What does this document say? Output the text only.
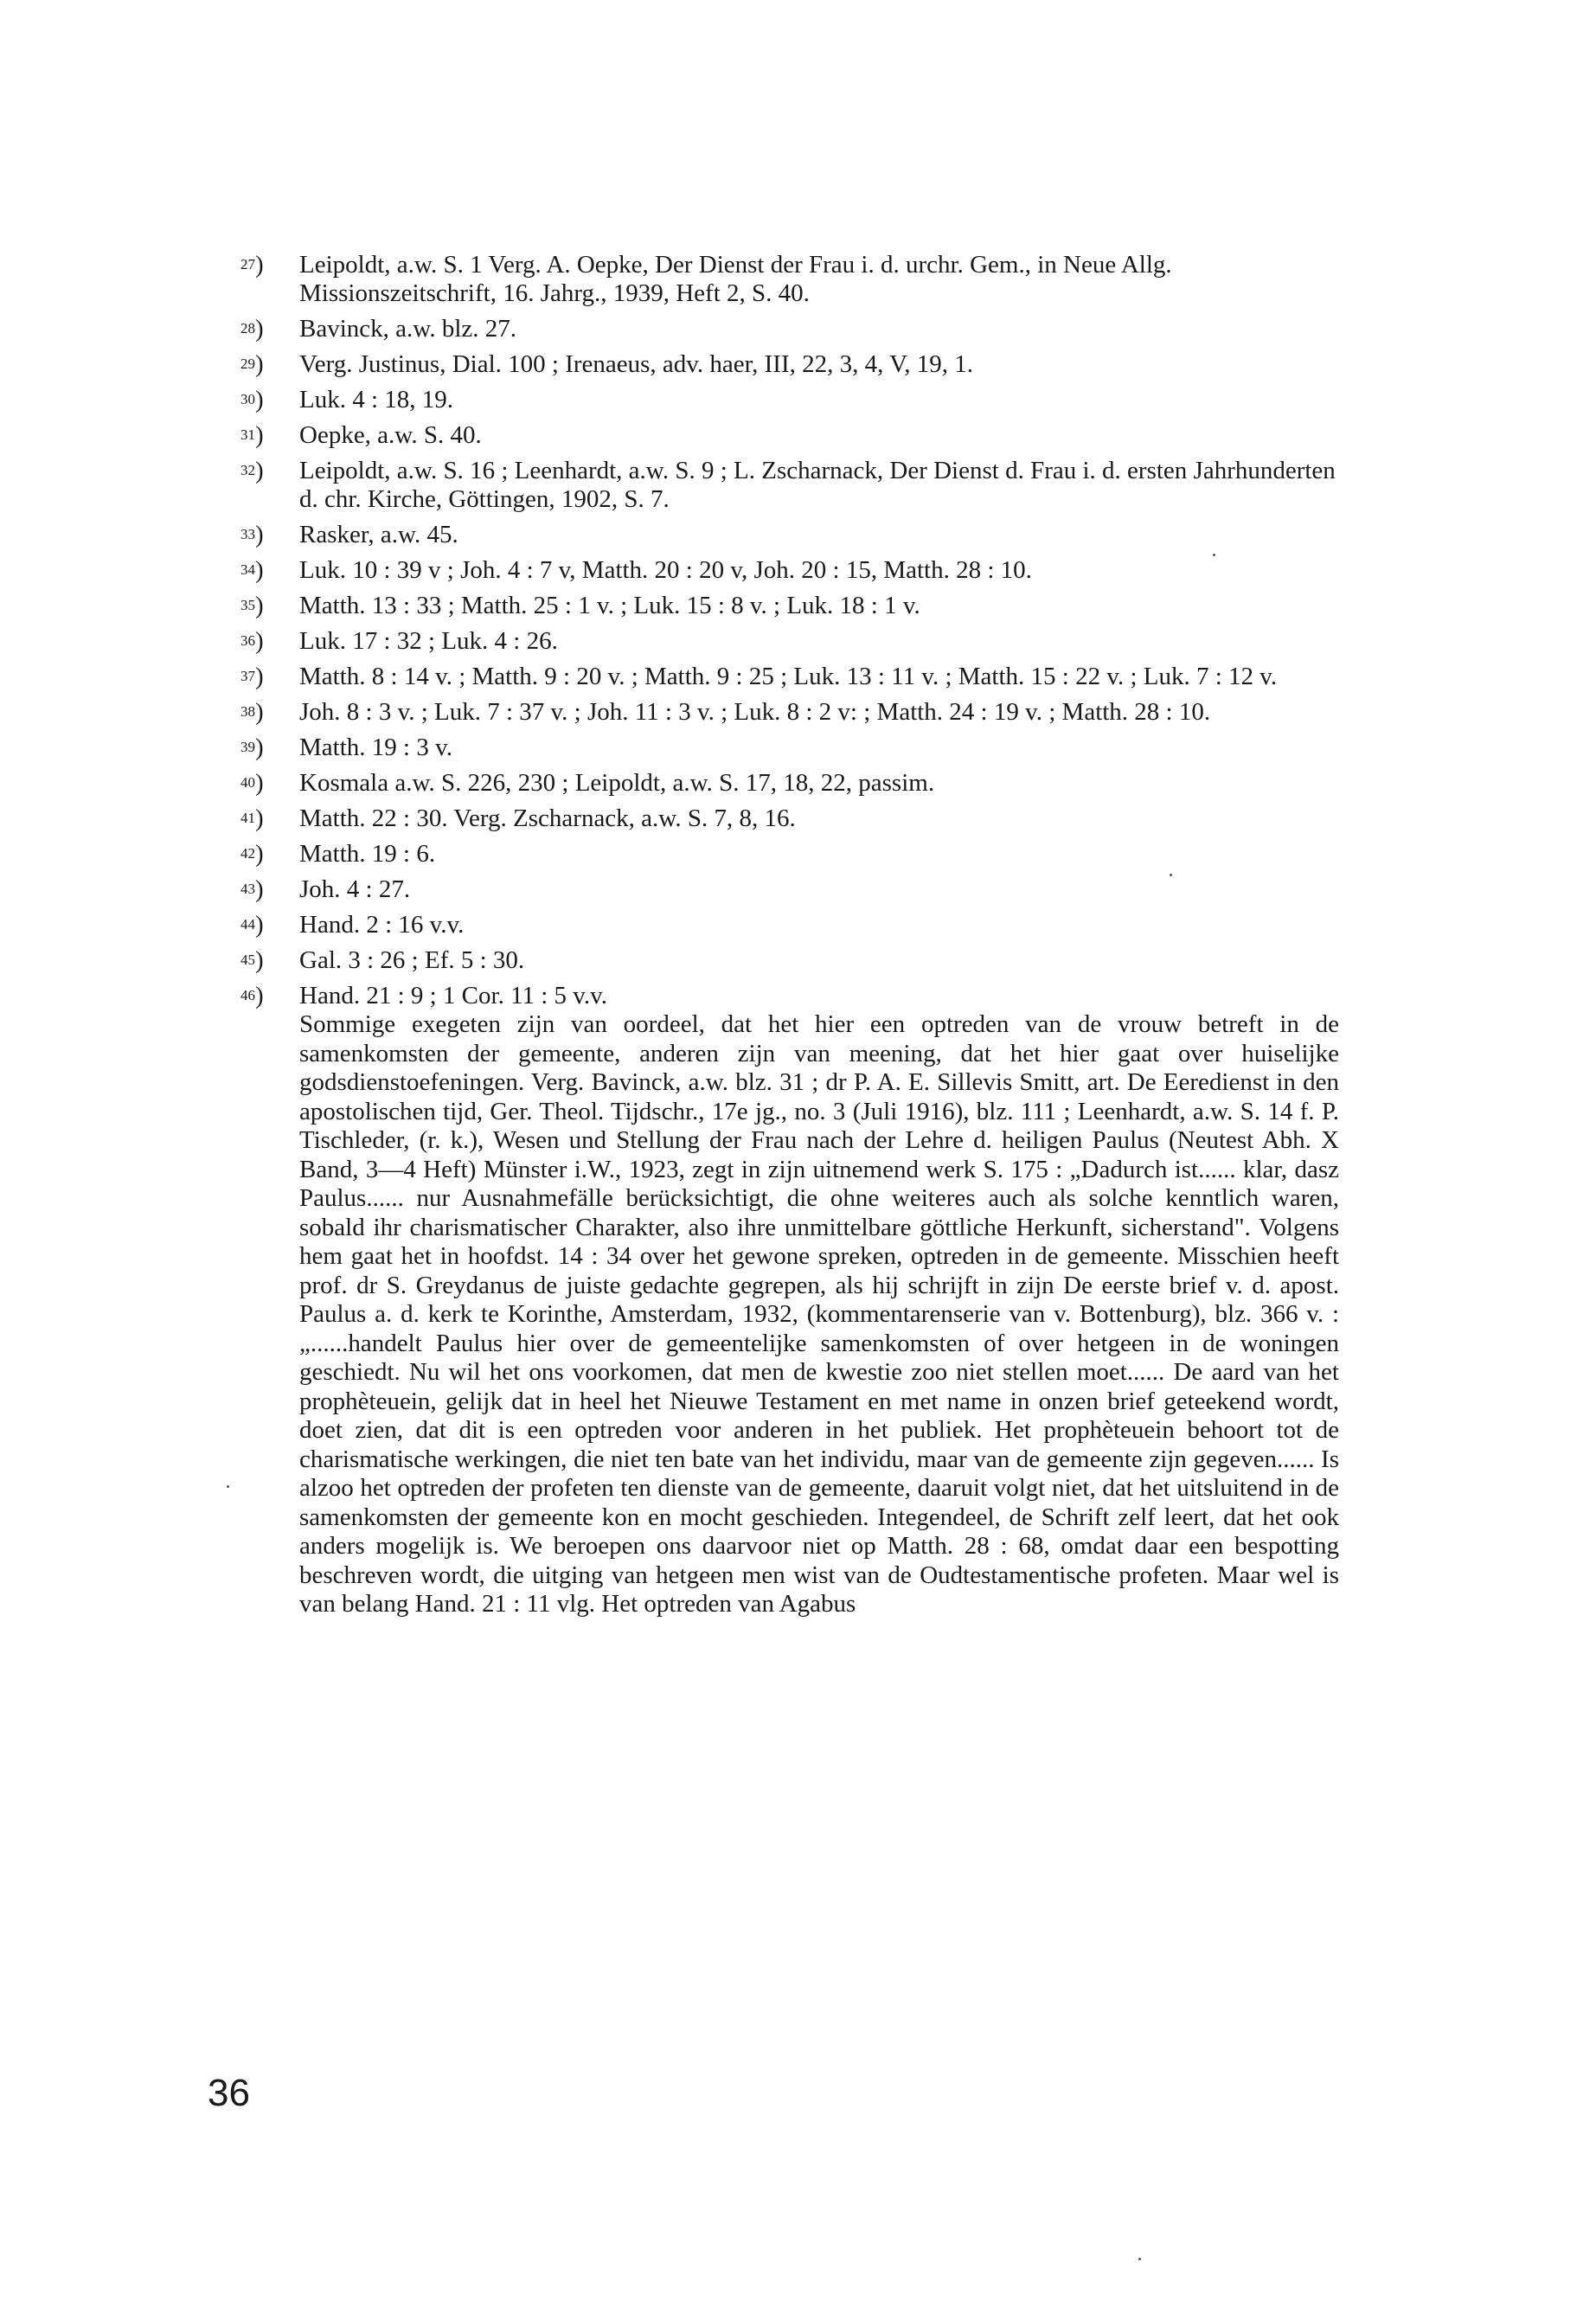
27)	Leipoldt, a.w. S. 1 Verg. A. Oepke, Der Dienst der Frau i. d. urchr. Gem., in Neue Allg. Missionszeitschrift, 16. Jahrg., 1939, Heft 2, S. 40.
28)	Bavinck, a.w. blz. 27.
29)	Verg. Justinus, Dial. 100 ; Irenaeus, adv. haer, III, 22, 3, 4, V, 19, 1.
30)	Luk. 4 : 18, 19.
31)	Oepke, a.w. S. 40.
32)	Leipoldt, a.w. S. 16 ; Leenhardt, a.w. S. 9 ; L. Zscharnack, Der Dienst d. Frau i. d. ersten Jahrhunderten d. chr. Kirche, Göttingen, 1902, S. 7.
33)	Rasker, a.w. 45.
34)	Luk. 10 : 39 v ; Joh. 4 : 7 v, Matth. 20 : 20 v, Joh. 20 : 15, Matth. 28 : 10.
35)	Matth. 13 : 33 ; Matth. 25 : 1 v. ; Luk. 15 : 8 v. ; Luk. 18 : 1 v.
36)	Luk. 17 : 32 ; Luk. 4 : 26.
37)	Matth. 8 : 14 v. ; Matth. 9 : 20 v. ; Matth. 9 : 25 ; Luk. 13 : 11 v. ; Matth. 15 : 22 v. ; Luk. 7 : 12 v.
38)	Joh. 8 : 3 v. ; Luk. 7 : 37 v. ; Joh. 11 : 3 v. ; Luk. 8 : 2 v: ; Matth. 24 : 19 v. ; Matth. 28 : 10.
39)	Matth. 19 : 3 v.
40)	Kosmala a.w. S. 226, 230 ; Leipoldt, a.w. S. 17, 18, 22, passim.
41)	Matth. 22 : 30. Verg. Zscharnack, a.w. S. 7, 8, 16.
42)	Matth. 19 : 6.
43)	Joh. 4 : 27.
44)	Hand. 2 : 16 v.v.
45)	Gal. 3 : 26 ; Ef. 5 : 30.
46)	Hand. 21 : 9 ; 1 Cor. 11 : 5 v.v.
Sommige exegeten zijn van oordeel, dat het hier een optreden van de vrouw betreft in de samenkomsten der gemeente, anderen zijn van meening, dat het hier gaat over huiselijke godsdienstoefeningen. Verg. Bavinck, a.w. blz. 31 ; dr P. A. E. Sillevis Smitt, art. De Eeredienst in den apostolischen tijd, Ger. Theol. Tijdschr., 17e jg., no. 3 (Juli 1916), blz. 111 ; Leenhardt, a.w. S. 14 f. P. Tischleder, (r. k.), Wesen und Stellung der Frau nach der Lehre d. heiligen Paulus (Neutest Abh. X Band, 3—4 Heft) Münster i.W., 1923, zegt in zijn uitnemend werk S. 175 : „Dadurch ist...... klar, dasz Paulus...... nur Ausnahmefälle berücksichtigt, die ohne weiteres auch als solche kenntlich waren, sobald ihr charismatischer Charakter, also ihre unmittelbare göttliche Herkunft, sicherstand". Volgens hem gaat het in hoofdst. 14 : 34 over het gewone spreken, optreden in de gemeente. Misschien heeft prof. dr S. Greydanus de juiste gedachte gegrepen, als hij schrijft in zijn De eerste brief v. d. apost. Paulus a. d. kerk te Korinthe, Amsterdam, 1932, (kommentarenserie van v. Bottenburg), blz. 366 v. : „......handelt Paulus hier over de gemeentelijke samenkomsten of over hetgeen in de woningen geschiedt. Nu wil het ons voorkomen, dat men de kwestie zoo niet stellen moet...... De aard van het prophèteuein, gelijk dat in heel het Nieuwe Testament en met name in onzen brief geteekend wordt, doet zien, dat dit is een optreden voor anderen in het publiek. Het prophèteuein behoort tot de charismatische werkingen, die niet ten bate van het individu, maar van de gemeente zijn gegeven...... Is alzoo het optreden der profeten ten dienste van de gemeente, daaruit volgt niet, dat het uitsluitend in de samenkomsten der gemeente kon en mocht geschieden. Integendeel, de Schrift zelf leert, dat het ook anders mogelijk is. We beroepen ons daarvoor niet op Matth. 28 : 68, omdat daar een bespotting beschreven wordt, die uitging van hetgeen men wist van de Oudtestamentische profeten. Maar wel is van belang Hand. 21 : 11 vlg. Het optreden van Agabus
36
